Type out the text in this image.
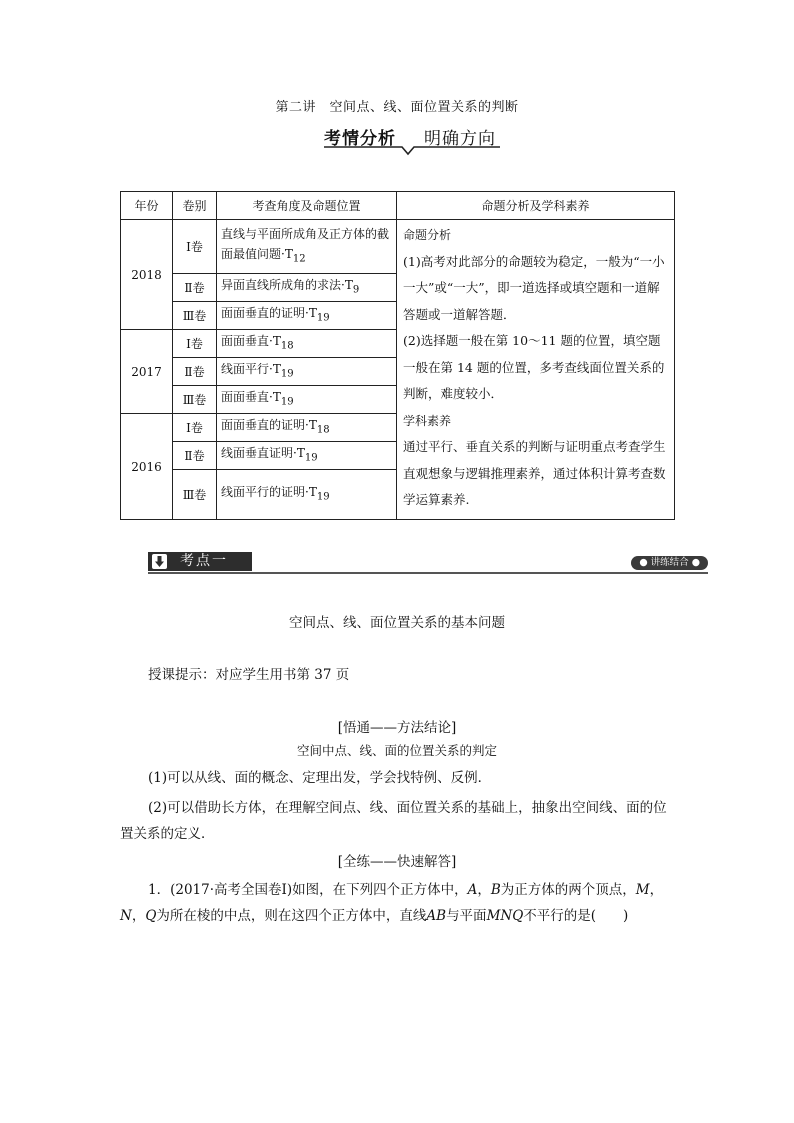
第二讲　空间点、线、面位置关系的判断
考情分析 明确方向
年份	卷别	考查角度及命题位置	命题分析及学科素养
2018	Ⅰ卷	直线与平面所成角及正方体的截面最值问题$\cdot T_{12}$	命题分析
(1)高考对此部分的命题较为稳定，一般为“一小一大”或“一大”，即一道选择或填空题和一道解答题或一道解答题．
(2)选择题一般在第 10～11 题的位置，填空题一般在第 14 题的位置，多考查线面位置关系的判断，难度较小．
学科素养
通过平行、垂直关系的判断与证明重点考查学生直观想象与逻辑推理素养，通过体积计算考查数学运算素养.

	Ⅱ卷	异面直线所成角的求法$\cdot T_9$
	Ⅲ卷	面面垂直的证明$\cdot T_{19}$
2017	Ⅰ卷	面面垂直$\cdot T_{18}$
	Ⅱ卷	线面平行$\cdot T_{19}$
	Ⅲ卷	面面垂直$\cdot T_{19}$
2016	Ⅰ卷	面面垂直的证明$\cdot T_{18}$
	Ⅱ卷	线面垂直证明$\cdot T_{19}$
	Ⅲ卷	线面平行的证明$\cdot T_{19}$
考点一	● 讲练结合 ●
空间点、线、面位置关系的基本问题
授课提示：对应学生用书第 37 页
[悟通——方法结论]
空间中点、线、面的位置关系的判定
(1)可以从线、面的概念、定理出发，学会找特例、反例．
(2)可以借助长方体，在理解空间点、线、面位置关系的基础上，抽象出空间线、面的位置关系的定义．
[全练——快速解答]
1．(2017·高考全国卷Ⅰ)如图，在下列四个正方体中，A，B为正方体的两个顶点，M，N，Q为所在棱的中点，则在这四个正方体中，直线AB与平面MNQ不平行的是(　　)
